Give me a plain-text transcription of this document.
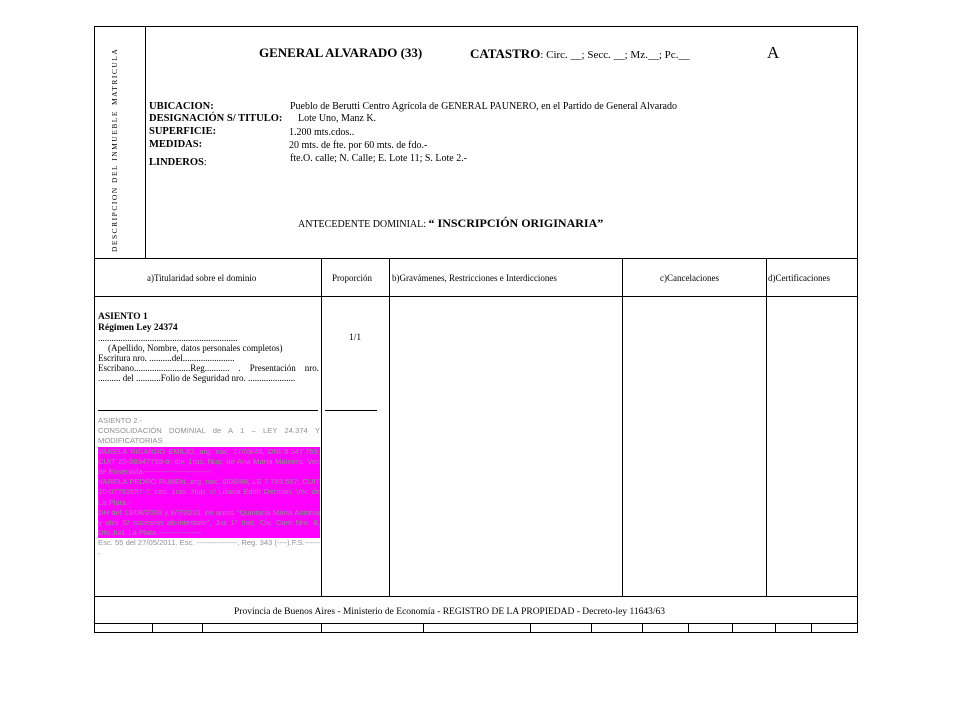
MATRICULA
DESCRIPCION DEL INMUEBLE
GENERAL ALVARADO (33)	CATASTRO: Circ. __; Secc. __; Mz.__; Pc.__	A
UBICACION:	Pueblo de Berutti Centro Agrícola de GENERAL PAUNERO, en el Partido de General Alvarado
DESIGNACIÓN S/ TITULO: Lote Uno, Manz K.
SUPERFICIE:	1.200 mts.cdos..
MEDIDAS:	20 mts. de fte. por 60 mts. de fdo.-
LINDEROS:	fte.O. calle; N. Calle; E. Lote 11; S. Lote 2.-
ANTECEDENTE DOMINIAL: “ INSCRIPCIÓN ORIGINARIA”
a)Titularidad sobre el dominio	Proporción b)Gravámenes, Restricciones e Interdicciones	c)Cancelaciones	d)Certificaciones
ASIENTO 1
Régimen Ley 24374
..............................................................
(Apellido, Nombre, datos personales completos)
Escritura nro. ..........del.......................
Escribano.........................Reg........... . Presentación nro. .......... del ...........Folio de Seguridad nro. .....................
1/1
ASIENTO 2.-
CONSOLIDACIÓN DOMINIAL de A 1 – LEY 24.374 Y MODIFICATORIAS
VARELA RICARDO EMILIO, arg, nac. 17/09/46, DNI 8.347.759; CUIT 20-08347759-9; div. 1ras. Nup. de Ana María Mainero. Vec de Ensenada.--------------------------;
VARELA PEDRO RUBEN, arg, nac. 8/06/48, LE 7.793.557; CUIT 20-07793557-7, cas. 1ras. Nup. c/ Liliana Edith Oerman. Vec de La Plata.-
DH del 13/08/2003 y 8/7/2010, en autos "Quintana María Antonia y otro S/ sucesión ab-intestato", Juz 1° Inst. Civ. Com Nro. 8, Dto.Jud. La Plata.-----------------
Esc. 55 del 27/05/2011. Esc. ----------------, Reg. 343 (----).F.S.-------
Provincia de Buenos Aires - Ministerio de Economía - REGISTRO DE LA PROPIEDAD - Decreto-ley 11643/63
